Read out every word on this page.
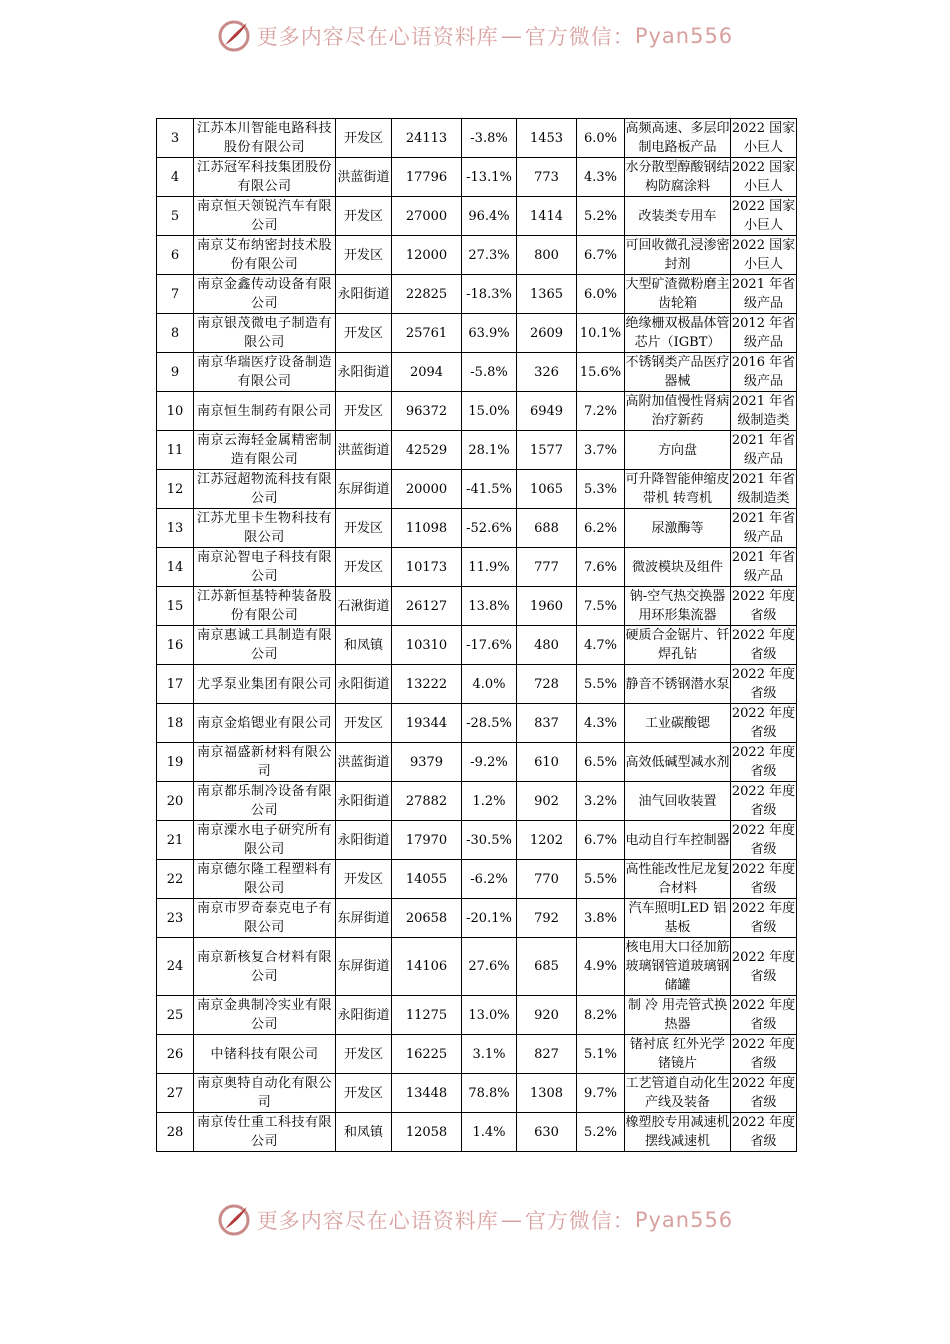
更多内容尽在心语资料库 — 官方微信： Pyan556
3	江苏本川智能电路科技股份有限公司	开发区	24113	-3.8%	1453	6.0%	高频高速、多层印制电路板产品	2022 国家小巨人
4	江苏冠军科技集团股份有限公司	洪蓝街道	17796	-13.1%	773	4.3%	水分散型醇酸钢结构防腐涂料	2022 国家小巨人
5	南京恒天领锐汽车有限公司	开发区	27000	96.4%	1414	5.2%	改装类专用车	2022 国家小巨人
6	南京艾布纳密封技术股份有限公司	开发区	12000	27.3%	800	6.7%	可回收微孔浸渗密封剂	2022 国家小巨人
7	南京金鑫传动设备有限公司	永阳街道	22825	-18.3%	1365	6.0%	大型矿渣微粉磨主齿轮箱	2021 年省级产品
8	南京银茂微电子制造有限公司	开发区	25761	63.9%	2609	10.1%	绝缘栅双极晶体管芯片（IGBT）	2012 年省级产品
9	南京华瑞医疗设备制造有限公司	永阳街道	2094	-5.8%	326	15.6%	不锈钢类产品医疗器械	2016 年省级产品
10	南京恒生制药有限公司	开发区	96372	15.0%	6949	7.2%	高附加值慢性肾病治疗新药	2021 年省级制造类
11	南京云海轻金属精密制造有限公司	洪蓝街道	42529	28.1%	1577	3.7%	方向盘	2021 年省级产品
12	江苏冠超物流科技有限公司	东屏街道	20000	-41.5%	1065	5.3%	可升降智能伸缩皮带机 转弯机	2021 年省级制造类
13	江苏尤里卡生物科技有限公司	开发区	11098	-52.6%	688	6.2%	尿激酶等	2021 年省级产品
14	南京沁智电子科技有限公司	开发区	10173	11.9%	777	7.6%	微波模块及组件	2021 年省级产品
15	江苏新恒基特种装备股份有限公司	石湫街道	26127	13.8%	1960	7.5%	钠-空气热交换器用环形集流器	2022 年度省级
16	南京惠诚工具制造有限公司	和凤镇	10310	-17.6%	480	4.7%	硬质合金锯片、钎焊孔钻	2022 年度省级
17	尤孚泵业集团有限公司	永阳街道	13222	4.0%	728	5.5%	静音不锈钢潜水泵	2022 年度省级
18	南京金焰锶业有限公司	开发区	19344	-28.5%	837	4.3%	工业碳酸锶	2022 年度省级
19	南京福盛新材料有限公司	洪蓝街道	9379	-9.2%	610	6.5%	高效低碱型减水剂	2022 年度省级
20	南京都乐制冷设备有限公司	永阳街道	27882	1.2%	902	3.2%	油气回收装置	2022 年度省级
21	南京溧水电子研究所有限公司	永阳街道	17970	-30.5%	1202	6.7%	电动自行车控制器	2022 年度省级
22	南京德尔隆工程塑料有限公司	开发区	14055	-6.2%	770	5.5%	高性能改性尼龙复合材料	2022 年度省级
23	南京市罗奇泰克电子有限公司	东屏街道	20658	-20.1%	792	3.8%	汽车照明LED 铝基板	2022 年度省级
24	南京新核复合材料有限公司	东屏街道	14106	27.6%	685	4.9%	核电用大口径加筋玻璃钢管道玻璃钢储罐	2022 年度省级
25	南京金典制冷实业有限公司	永阳街道	11275	13.0%	920	8.2%	制 冷 用壳管式换热器	2022 年度省级
26	中锗科技有限公司	开发区	16225	3.1%	827	5.1%	锗衬底 红外光学锗镜片	2022 年度省级
27	南京奥特自动化有限公司	开发区	13448	78.8%	1308	9.7%	工艺管道自动化生产线及装备	2022 年度省级
28	南京传仕重工科技有限公司	和凤镇	12058	1.4%	630	5.2%	橡塑胶专用减速机摆线减速机	2022 年度省级
更多内容尽在心语资料库 — 官方微信： Pyan556
